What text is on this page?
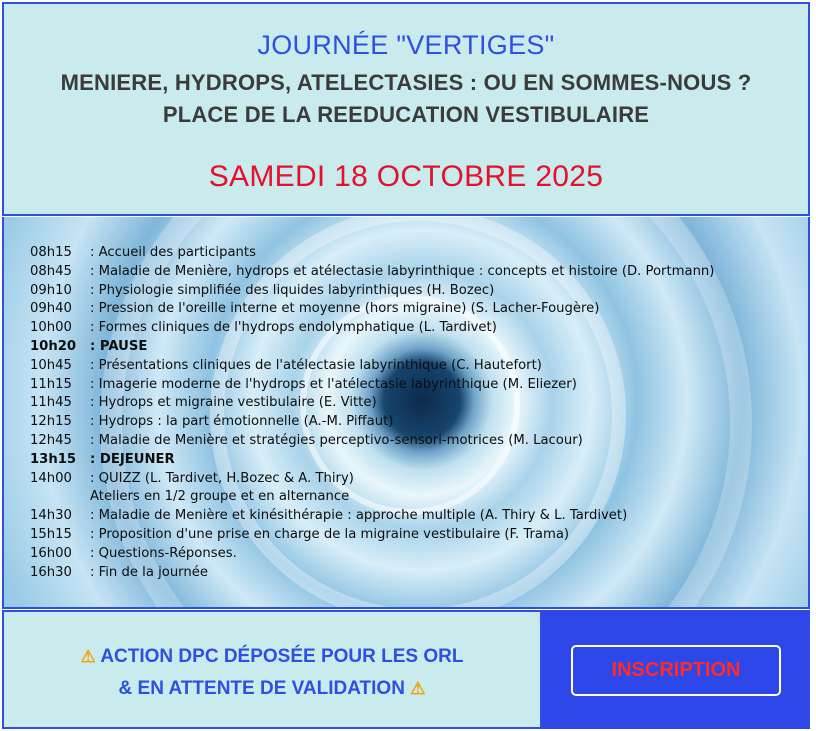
JOURNÉE "VERTIGES"
MENIERE, HYDROPS, ATELECTASIES : OU EN SOMMES-NOUS ?
PLACE DE LA REEDUCATION VESTIBULAIRE
SAMEDI 18 OCTOBRE 2025
08h15 : Accueil des participants
08h45 : Maladie de Menière, hydrops et atélectasie labyrinthique : concepts et histoire (D. Portmann)
09h10 : Physiologie simplifiée des liquides labyrinthiques (H. Bozec)
09h40 : Pression de l'oreille interne et moyenne (hors migraine) (S. Lacher-Fougère)
10h00 : Formes cliniques de l'hydrops endolymphatique (L. Tardivet)
10h20 : PAUSE
10h45 : Présentations cliniques de l'atélectasie labyrinthique (C. Hautefort)
11h15 : Imagerie moderne de l'hydrops et l'atélectasie labyrinthique (M. Eliezer)
11h45 : Hydrops et migraine vestibulaire (E. Vitte)
12h15 : Hydrops : la part émotionnelle (A.-M. Piffaut)
12h45 : Maladie de Menière et stratégies perceptivo-sensori-motrices (M. Lacour)
13h15 : DEJEUNER
14h00 : QUIZZ (L. Tardivet, H.Bozec & A. Thiry)
Ateliers en 1/2 groupe et en alternance
14h30 : Maladie de Menière et kinésithérapie : approche multiple (A. Thiry & L. Tardivet)
15h15 : Proposition d'une prise en charge de la migraine vestibulaire (F. Trama)
16h00 : Questions-Réponses.
16h30 : Fin de la journée
⚠ ACTION DPC DÉPOSÉE POUR LES ORL
& EN ATTENTE DE VALIDATION ⚠
INSCRIPTION
